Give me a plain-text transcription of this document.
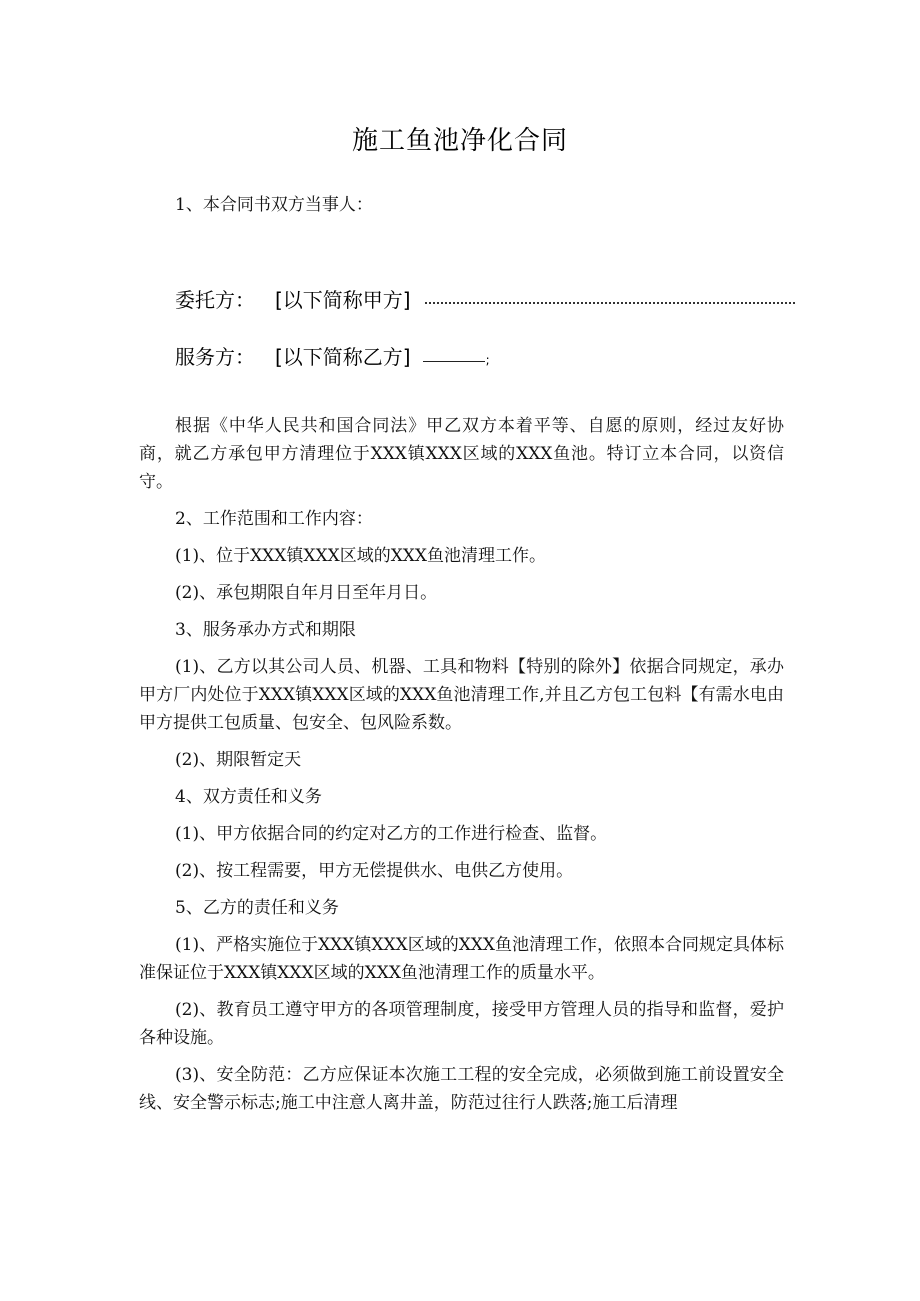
施工鱼池净化合同
1、本合同书双方当事人：
委托方： [以下简称甲方]
服务方： [以下简称乙方]	;

根据《中华人民共和国合同法》甲乙双方本着平等、自愿的原则，经过友好协商，就乙方承包甲方清理位于XXX镇XXX区域的XXX鱼池。特订立本合同，以资信守。

2、工作范围和工作内容：

(1)、位于XXX镇XXX区域的XXX鱼池清理工作。

(2)、承包期限自年月日至年月日。

3、服务承办方式和期限

(1)、乙方以其公司人员、机器、工具和物料【特别的除外】依据合同规定，承办甲方厂内处位于XXX镇XXX区域的XXX鱼池清理工作,并且乙方包工包料【有需水电由甲方提供工包质量、包安全、包风险系数。

(2)、期限暂定天

4、双方责任和义务

(1)、甲方依据合同的约定对乙方的工作进行检查、监督。

(2)、按工程需要，甲方无偿提供水、电供乙方使用。

5、乙方的责任和义务

(1)、严格实施位于XXX镇XXX区域的XXX鱼池清理工作，依照本合同规定具体标准保证位于XXX镇XXX区域的XXX鱼池清理工作的质量水平。

(2)、教育员工遵守甲方的各项管理制度，接受甲方管理人员的指导和监督，爱护各种设施。

(3)、安全防范：乙方应保证本次施工工程的安全完成，必须做到施工前设置安全线、安全警示标志;施工中注意人离井盖，防范过往行人跌落;施工后清理
